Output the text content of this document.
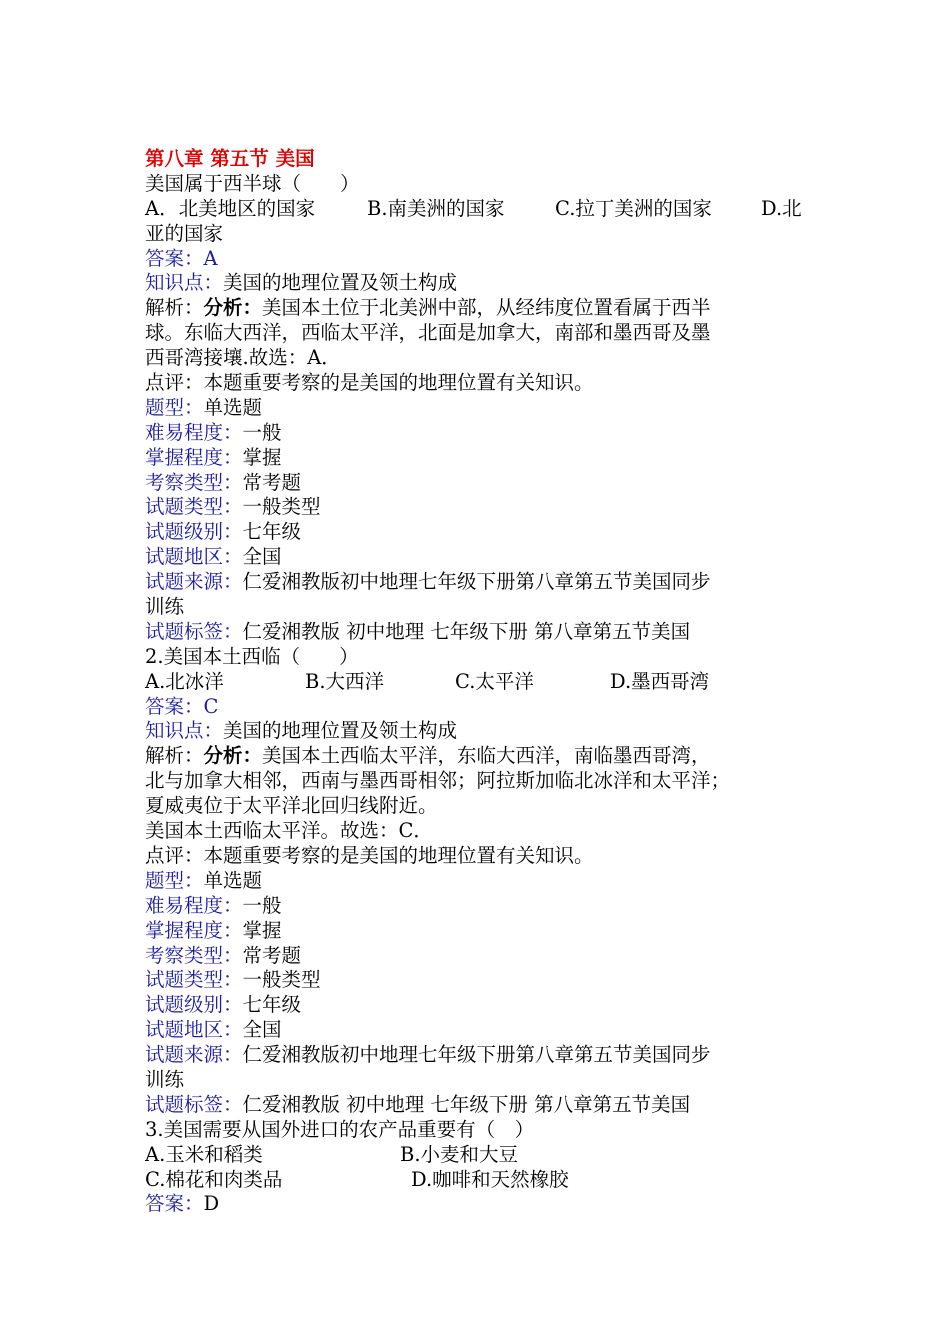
第八章 第五节 美国
美国属于西半球（　　）
A．北美地区的国家	B.南美洲的国家	C.拉丁美洲的国家	D.北
亚的国家
答案：A
知识点：美国的地理位置及领土构成
解析：分析：美国本土位于北美洲中部，从经纬度位置看属于西半
球。东临大西洋，西临太平洋，北面是加拿大，南部和墨西哥及墨
西哥湾接壤.故选：A．
点评：本题重要考察的是美国的地理位置有关知识。
题型：单选题
难易程度：一般
掌握程度：掌握
考察类型：常考题
试题类型：一般类型
试题级别：七年级
试题地区：全国
试题来源：仁爱湘教版初中地理七年级下册第八章第五节美国同步
训练
试题标签：仁爱湘教版 初中地理 七年级下册 第八章第五节美国
2.美国本土西临（　　）
A.北冰洋	B.大西洋	C.太平洋	D.墨西哥湾
答案：C
知识点：美国的地理位置及领土构成
解析：分析：美国本土西临太平洋，东临大西洋，南临墨西哥湾，
北与加拿大相邻，西南与墨西哥相邻；阿拉斯加临北冰洋和太平洋；
夏威夷位于太平洋北回归线附近。
美国本土西临太平洋。故选：C．
点评：本题重要考察的是美国的地理位置有关知识。
题型：单选题
难易程度：一般
掌握程度：掌握
考察类型：常考题
试题类型：一般类型
试题级别：七年级
试题地区：全国
试题来源：仁爱湘教版初中地理七年级下册第八章第五节美国同步
训练
试题标签：仁爱湘教版 初中地理 七年级下册 第八章第五节美国
3.美国需要从国外进口的农产品重要有（　）
A.玉米和稻类	B.小麦和大豆
C.棉花和肉类品	D.咖啡和天然橡胶
答案：D
